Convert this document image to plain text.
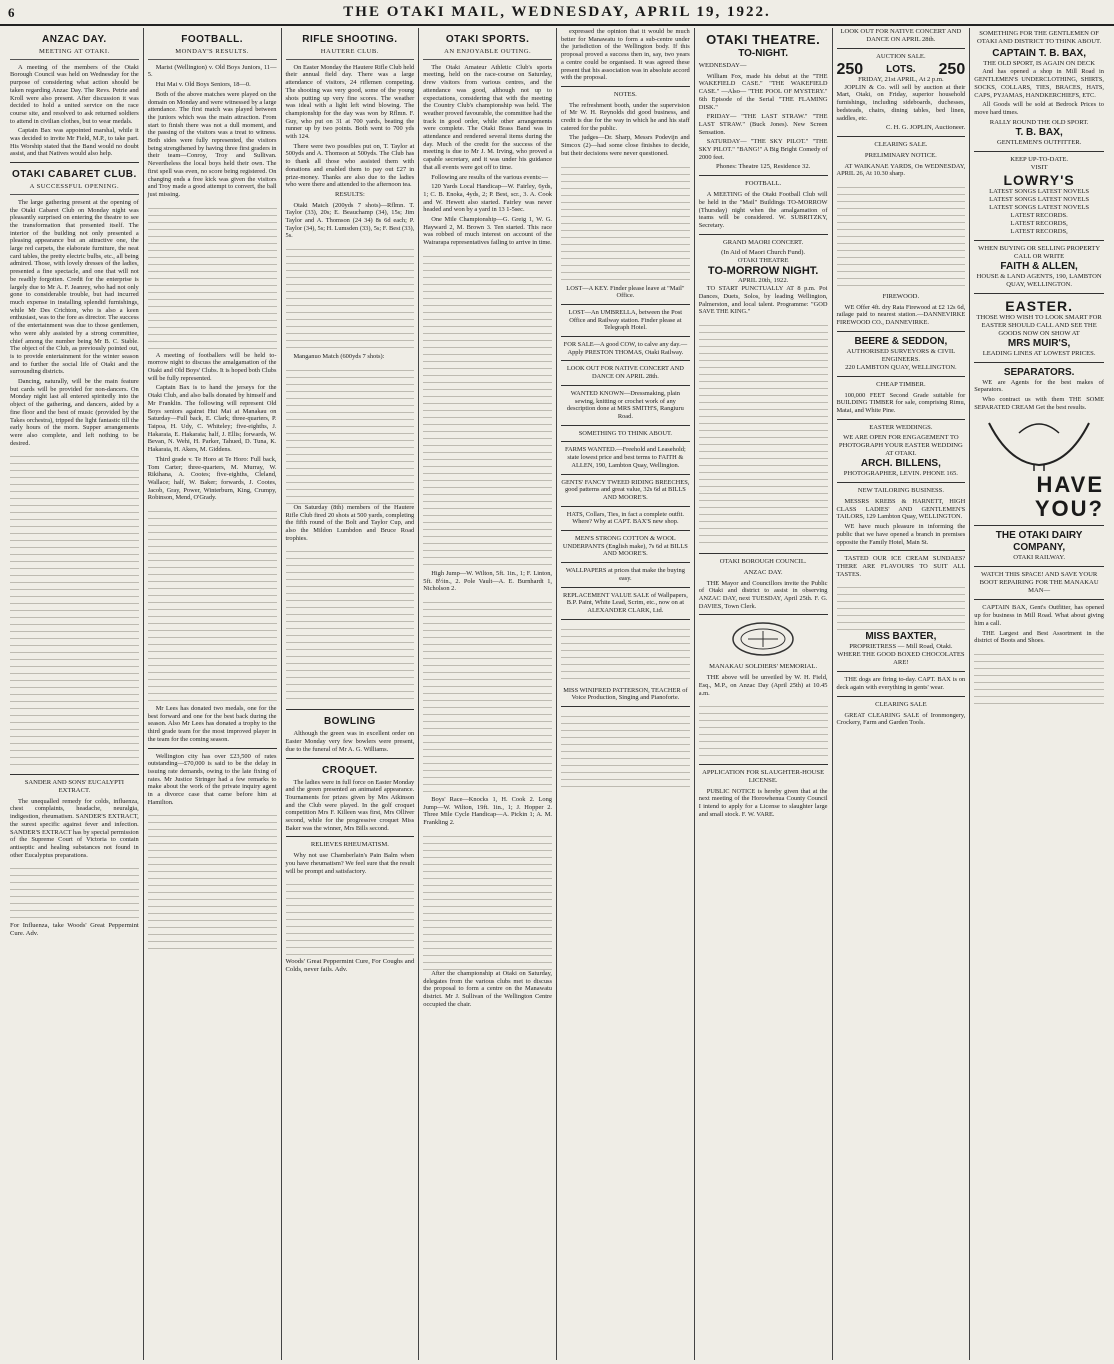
6	THE OTAKI MAIL, WEDNESDAY, APRIL 19, 1922.
ANZAC DAY.
MEETING AT OTAKI.

A meeting of the members of the Otaki Borough Council was held on Wednesday for the purpose of considering what action should be taken regarding Anzac Day. The Revs. Petrie and Kroll were also present. After discussion it was decided to hold a united service on the race course site, and resolved to ask returned soldiers to attend in civilian clothes, but to wear medals.

Captain Bax was appointed marshal, while it was decided to invite Mr Field, M.P., to take part. His Worship stated that the Band would no doubt assist, and that Natives would also help.

OTAKI CABARET CLUB.
A SUCCESSFUL OPENING.

The large gathering present at the opening of the Otaki Cabaret Club on Monday night was pleasantly surprised on entering the theatre to see the transformation that presented itself. The interior of the building not only presented a pleasing appearance but an attractive one, the large red carpets, the elaborate furniture, the neat card tables, the pretty electric bulbs, etc., all being admired. Those, with lovely dresses of the ladies, presented a fine spectacle, and one that will not be readily forgotten. Credit for the enterprise is largely due to Mr A. F. Jeanrey, who had not only gone to considerable trouble, but had incurred much expense in installing splendid furnishings, while Mr Des Crichton, who is also a keen enthusiast, was to the fore as director. The success of the entertainment was due to those gentlemen, who were ably assisted by a strong committee, chief among the number being Mr B. C. Stable. The object of the Club, as previously pointed out, is to provide entertainment for the winter season and to further the social life of Otaki and the surrounding districts.

Dancing, naturally, will be the main feature but cards will be provided for non-dancers. On Monday night last all entered spiritedly into the object of the gathering, and dancers, aided by a fine floor and the best of music (provided by the Takes orchestra), tripped the light fantastic till the early hours of the morn. Supper arrangements were also complete, and left nothing to be desired.

SANDER AND SONS' EUCALYPTI EXTRACT.

The unequalled remedy for colds, influenza, chest complaints, headache, neuralgia, indigestion, rheumatism. SANDER'S EXTRACT, the surest specific against fever and infection. SANDER'S EXTRACT has by special permission of the Supreme Court of Victoria to contain antiseptic and healing substances not found in other Eucalyptus preparations.

For Influenza, take Woods' Great Peppermint Cure. Adv.
FOOTBALL.
MONDAY'S RESULTS.

Marist (Wellington) v. Old Boys Juniors, 11—5.

Hui Mai v. Old Boys Seniors, 18—0.

Both of the above matches were played on the domain on Monday and were witnessed by a large attendance. The first match was played between the juniors which was the main attraction. From start to finish there was not a dull moment, and the passing of the visitors was a treat to witness. Both sides were fully represented, the visitors being strengthened by having three first graders in their team—Conroy, Troy and Sullivan. Nevertheless the local boys held their own. The first spell was even, no score being registered. On changing ends a free kick was given the visitors and Troy made a good attempt to convert, the ball just missing.

A meeting of footballers will be held to-morrow night to discuss the amalgamation of the Otaki and Old Boys' Clubs. It is hoped both Clubs will be fully represented.

Captain Bax is to hand the jerseys for the Otaki Club, and also balls donated by himself and Mr Franklin. The following will represent Old Boys seniors against Hui Mai at Manakau on Saturday—Full back, E. Clark; three-quarters, P. Taipoa, H. Udy, C. Whiteley; five-eighths, J. Hakaraia, E. Hakaraia; half, J. Ellis; forwards, W. Bevan, N. Wehi, H. Parker, Tahued, D. Tuna, K. Hakaraia, H. Akers, M. Giddens.

Third grade v. Te Horo at Te Horo: Full back, Tom Carter; three-quarters, M. Murray, W. Rikihana, A. Cootes; five-eighths, Cleland, Wallace; half, W. Baker; forwards, J. Cootes, Jacob, Gray, Power, Winterburn, King, Crumpy, Robinson, Mend, O'Grady.

Mr Lees has donated two medals, one for the best forward and one for the best back during the season. Also Mr Lees has donated a trophy to the third grade team for the most improved player in the team for the coming season.

Wellington city has over £23,500 of rates outstanding—£70,000 is said to be the delay in issuing rate demands, owing to the late fixing of rates. Mr Justice Stringer had a few remarks to make about the work of the private inquiry agent in a divorce case that came before him at Hamilton.

RIFLE SHOOTING.
HAUTERE CLUB.

On Easter Monday the Hautere Rifle Club held their annual field day. There was a large attendance of visitors, 24 riflemen competing. The shooting was very good, some of the young shots putting up very fine scores. The weather was ideal with a light left wind blowing. The championship for the day was won by Rflmn. F. Guy, who put on 31 at 700 yards, beating the runner up by two points. Both went to 700 yds with 124.

There were two possibles put on, T. Taylor at 500yds and A. Thomson at 500yds. The Club has to thank all those who assisted them with donations and enabled them to pay out £27 in prize-money. Thanks are also due to the ladies who were there and attended to the afternoon tea.

RESULTS:

Otaki Match (200yds 7 shots)—Rflmn. T. Taylor (33), 20s; E. Beauchamp (34), 15s; Jim Taylor and A. Thomson (24 34) 8s 6d each; P. Taylor (34), 5s; H. Lumsden (33), 5s; F. Best (33), 5s.

Manganuo Match (600yds 7 shots):

On Saturday (8th) members of the Hautere Rifle Club fired 20 shots at 500 yards, completing the fifth round of the Bolt and Taylor Cup, and also the Mildon Lumbdon and Bruce Road trophies.

BOWLING

Although the green was in excellent order on Easter Monday very few bowlers were present, due to the funeral of Mr A. G. Williams.

CROQUET.

The ladies were in full force on Easter Monday and the green presented an animated appearance. Tournaments for prizes given by Mrs Atkinson and the Club were played. In the golf croquet competition Mrs F. Killeen was first, Mrs Olliver second, while for the progressive croquet Miss Baker was the winner, Mrs Bills second.

RELIEVES RHEUMATISM.

Why not use Chamberlain's Pain Balm when you have rheumatism? We feel sure that the result will be prompt and satisfactory.

Woods' Great Peppermint Cure, For Coughs and Colds, never fails. Adv.
OTAKI SPORTS.
AN ENJOYABLE OUTING.

The Otaki Amateur Athletic Club's sports meeting, held on the race-course on Saturday, drew visitors from various centres, and the attendance was good, although not up to expectations, considering that with the meeting the Country Club's championship was held. The weather proved favourable, the committee had the track in good order, while other arrangements were complete. The Otaki Brass Band was in attendance and rendered several items during the day. Much of the credit for the success of the meeting is due to Mr J. M. Irving, who proved a capable secretary, and it was under his guidance that all events were got off to time.

Following are results of the various events:—

120 Yards Local Handicap—W. Fairley, 6yds, 1; C. B. Enoka, 4yds, 2; P. Best, scr., 3. A. Cook and W. Hewett also started. Fairley was never headed and won by a yard in 13 1-5sec.

One Mile Championship—G. Greig 1, W. G. Hayward 2, M. Brown 3. Ten started. This race was robbed of much interest on account of the Wairarapa representatives failing to arrive in time.

High Jump—W. Wilton, 5ft. 1in., 1; F. Linton, 5ft. 8½in., 2. Pole Vault—A. E. Burnhardt 1, Nicholson 2.

Boys' Race—Knocks 1, H. Cook 2. Long Jump—W. Wilton, 19ft. 1in., 1; J. Hopper 2. Three Mile Cycle Handicap—A. Pickin 1; A. M. Frankling 2.

After the championship at Otaki on Saturday, delegates from the various clubs met to discuss the proposal to form a centre on the Manawatu district. Mr J. Sullivan of the Wellington Centre occupied the chair.

expressed the opinion that it would be much better for Manawatu to form a sub-centre under the jurisdiction of the Wellington body. If this proposal proved a success then in, say, two years a centre could be organised. It was agreed these present that his association was in absolute accord with the proposal.

NOTES.

The refreshment booth, under the supervision of Mr W. H. Reynolds did good business, and credit is due for the way in which he and his staff catered for the public.

The judges—Dr. Sharp, Messrs Podevijn and Simcox (2)—had some close finishes to decide, but their decisions were never questioned.

LOST—A KEY. Finder please leave at "Mail" Office.
LOST—An UMBRELLA, between the Post Office and Railway station. Finder please at Telegraph Hotel.
FOR SALE—A good COW, to calve any day.—Apply PRESTON THOMAS, Otaki Railway.
LOOK OUT FOR NATIVE CONCERT AND DANCE ON APRIL 28th.
WANTED KNOWN—Dressmaking, plain sewing, knitting or crochet work of any description done at MRS SMITH'S, Rangiuru Road.
SOMETHING TO THINK ABOUT.
FARMS WANTED.—Freehold and Leasehold; state lowest price and best terms to FAITH & ALLEN, 190, Lambton Quay, Wellington.
GENTS' FANCY TWEED RIDING BREECHES, good patterns and great value, 32s 6d at BILLS AND MOORE'S.
HATS, Collars, Ties, in fact a complete outfit. Where? Why at CAPT. BAX'S new shop.
MEN'S STRONG COTTON & WOOL UNDERPANTS (English make), 7s 6d at BILLS AND MOORE'S.
WALLPAPERS at prices that make the buying easy.
REPLACEMENT VALUE SALE of Wallpapers, B.P. Paint, White Lead, Scrim, etc., now on at ALEXANDER CLARK, Ltd.
MISS WINIFRED PATTERSON, TEACHER of Voice Production, Singing and Pianoforte.
OTAKI THEATRE.
TO-NIGHT.
WEDNESDAY—

William Fox, made his debut at the "THE WAKEFIELD CASE." "THE WAKEFIELD CASE." —Also— "THE POOL OF MYSTERY." 6th Episode of the Serial "THE FLAMING DISK."

FRIDAY— "THE LAST STRAW." "THE LAST STRAW." (Buck Jones). New Screen Sensation.

SATURDAY— "THE SKY PILOT." "THE SKY PILOT." "BANG!" A Big Bright Comedy of 2000 feet.

Phones: Theatre 125, Residence 32.
FOOTBALL.

A MEETING of the Otaki Football Club will be held in the "Mail" Buildings TO-MORROW (Thursday) night when the amalgamation of teams will be considered. W. SUBRITZKY, Secretary.

GRAND MAORI CONCERT.
(In Aid of Maori Church Fund).
OTAKI THEATRE
TO-MORROW NIGHT.
APRIL 20th, 1922.

TO START PUNCTUALLY AT 8 p.m. Poi Dances, Duets, Solos, by leading Wellington, Palmerston, and local talent. Programme: "GOD SAVE THE KING."

OTAKI BOROUGH COUNCIL.
ANZAC DAY.

THE Mayor and Councillors invite the Public of Otaki and district to assist in observing ANZAC DAY, next TUESDAY, April 25th. F. G. DAVIES, Town Clerk.

MANAKAU SOLDIERS' MEMORIAL.

THE above will be unveiled by W. H. Field, Esq., M.P., on Anzac Day (April 25th) at 10.45 a.m.

APPLICATION FOR SLAUGHTER-HOUSE LICENSE.

PUBLIC NOTICE is hereby given that at the next meeting of the Horowhenua County Council I intend to apply for a License to slaughter large and small stock. F. W. VARE.

LOOK OUT FOR NATIVE CONCERT AND DANCE ON APRIL 28th.
AUCTION SALE.
250 LOTS. 250
FRIDAY, 21st APRIL, At 2 p.m.

JOPLIN & Co. will sell by auction at their Mart, Otaki, on Friday, superior household furnishings, including sideboards, duchesses, bedsteads, chairs, dining tables, bed linen, saddles, etc.

C. H. G. JOPLIN, Auctioneer.
CLEARING SALE.
PRELIMINARY NOTICE.

AT WAIKANAE YARDS, On WEDNESDAY, APRIL 26, At 10.30 sharp.

FIREWOOD.

WE Offer 4ft. dry Rata Firewood at £2 12s 6d, railage paid to nearest station.—DANNEVIRKE FIREWOOD CO., DANNEVIRKE.

BEERE & SEDDON,
AUTHORISED SURVEYORS & CIVIL ENGINEERS.
220 LAMBTON QUAY, WELLINGTON.
CHEAP TIMBER.

100,000 FEET Second Grade suitable for BUILDING TIMBER for sale, comprising Rimu, Matai, and White Pine.

EASTER WEDDINGS.
WE ARE OPEN FOR ENGAGEMENT TO PHOTOGRAPH YOUR EASTER WEDDING AT OTAKI.
ARCH. BILLENS,
PHOTOGRAPHER, LEVIN. PHONE 165.
NEW TAILORING BUSINESS.

MESSRS KREBS & HARNETT, HIGH CLASS LADIES' AND GENTLEMEN'S TAILORS, 129 Lambton Quay, WELLINGTON.

WE have much pleasure in informing the public that we have opened a branch in premises opposite the Family Hotel, Main St.

TASTED OUR ICE CREAM SUNDAES? THERE ARE FLAVOURS TO SUIT ALL TASTES.

MISS BAXTER,
PROPRIETRESS — Mill Road, Otaki.
WHERE THE GOOD BOXED CHOCOLATES ARE!

THE dogs are firing to-day. CAPT. BAX is on deck again with everything in gents' wear.

CLEARING SALE

GREAT CLEARING SALE of Ironmongery, Crockery, Farm and Garden Tools.

SOMETHING FOR THE GENTLEMEN OF OTAKI AND DISTRICT TO THINK ABOUT.
CAPTAIN T. B. BAX,
THE OLD SPORT, IS AGAIN ON DECK

And has opened a shop in Mill Road in GENTLEMEN'S UNDERCLOTHING, SHIRTS, SOCKS, COLLARS, TIES, BRACES, HATS, CAPS, PYJAMAS, HANDKERCHIEFS, ETC.

All Goods will be sold at Bedrock Prices to move hard times.

RALLY ROUND THE OLD SPORT.
T. B. BAX,
GENTLEMEN'S OUTFITTER.
KEEP UP-TO-DATE.
VISIT
LOWRY'S
LATEST SONGS LATEST NOVELS
LATEST SONGS LATEST NOVELS
LATEST SONGS LATEST NOVELS
LATEST RECORDS.
LATEST RECORDS,
LATEST RECORDS,
WHEN BUYING OR SELLING PROPERTY CALL OR WRITE
FAITH & ALLEN,
HOUSE & LAND AGENTS, 190, LAMBTON QUAY, WELLINGTON.
EASTER.
THOSE WHO WISH TO LOOK SMART FOR EASTER SHOULD CALL AND SEE THE GOODS NOW ON SHOW AT
MRS MUIR'S,
LEADING LINES AT LOWEST PRICES.
SEPARATORS.

WE are Agents for the best makes of Separators.

Who contract us with them THE SOME SEPARATED CREAM Get the best results.

HAVE
YOU?
THE OTAKI DAIRY COMPANY,
OTAKI RAILWAY.
WATCH THIS SPACE! AND SAVE YOUR BOOT REPAIRING FOR THE MANAKAU MAN—

CAPTAIN BAX, Gent's Outfitter, has opened up for business in Mill Road. What about giving him a call.

THE Largest and Best Assortment in the district of Boots and Shoes.
